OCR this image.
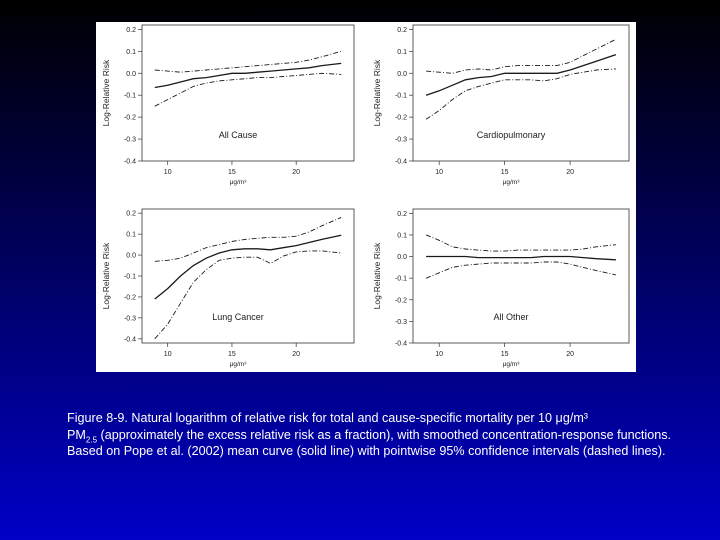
0.2
0.1
0.0
-0.1
-0.2
-0.3
-0.4
10	15	20
μg/m³
Log-Relative Risk
All Cause
0.2
0.1
0.0
-0.1
-0.2
-0.3
-0.4
10	15	20
μg/m³
Log-Relative Risk
Cardiopulmonary
0.2
0.1
0.0
-0.1
-0.2
-0.3
-0.4
10	15	20
μg/m³
Log-Relative Risk
Lung Cancer
0.2
0.1
0.0
-0.1
-0.2
-0.3
-0.4
10	15	20
μg/m³
Log-Relative Risk
All Other
Figure 8-9. Natural logarithm of relative risk for total and cause-specific mortality per 10 μg/m³
$PM_{2.5}$ (approximately the excess relative risk as a fraction), with smoothed concentration-response functions. Based on Pope et al. (2002) mean curve (solid line) with pointwise 95% confidence intervals (dashed lines).
